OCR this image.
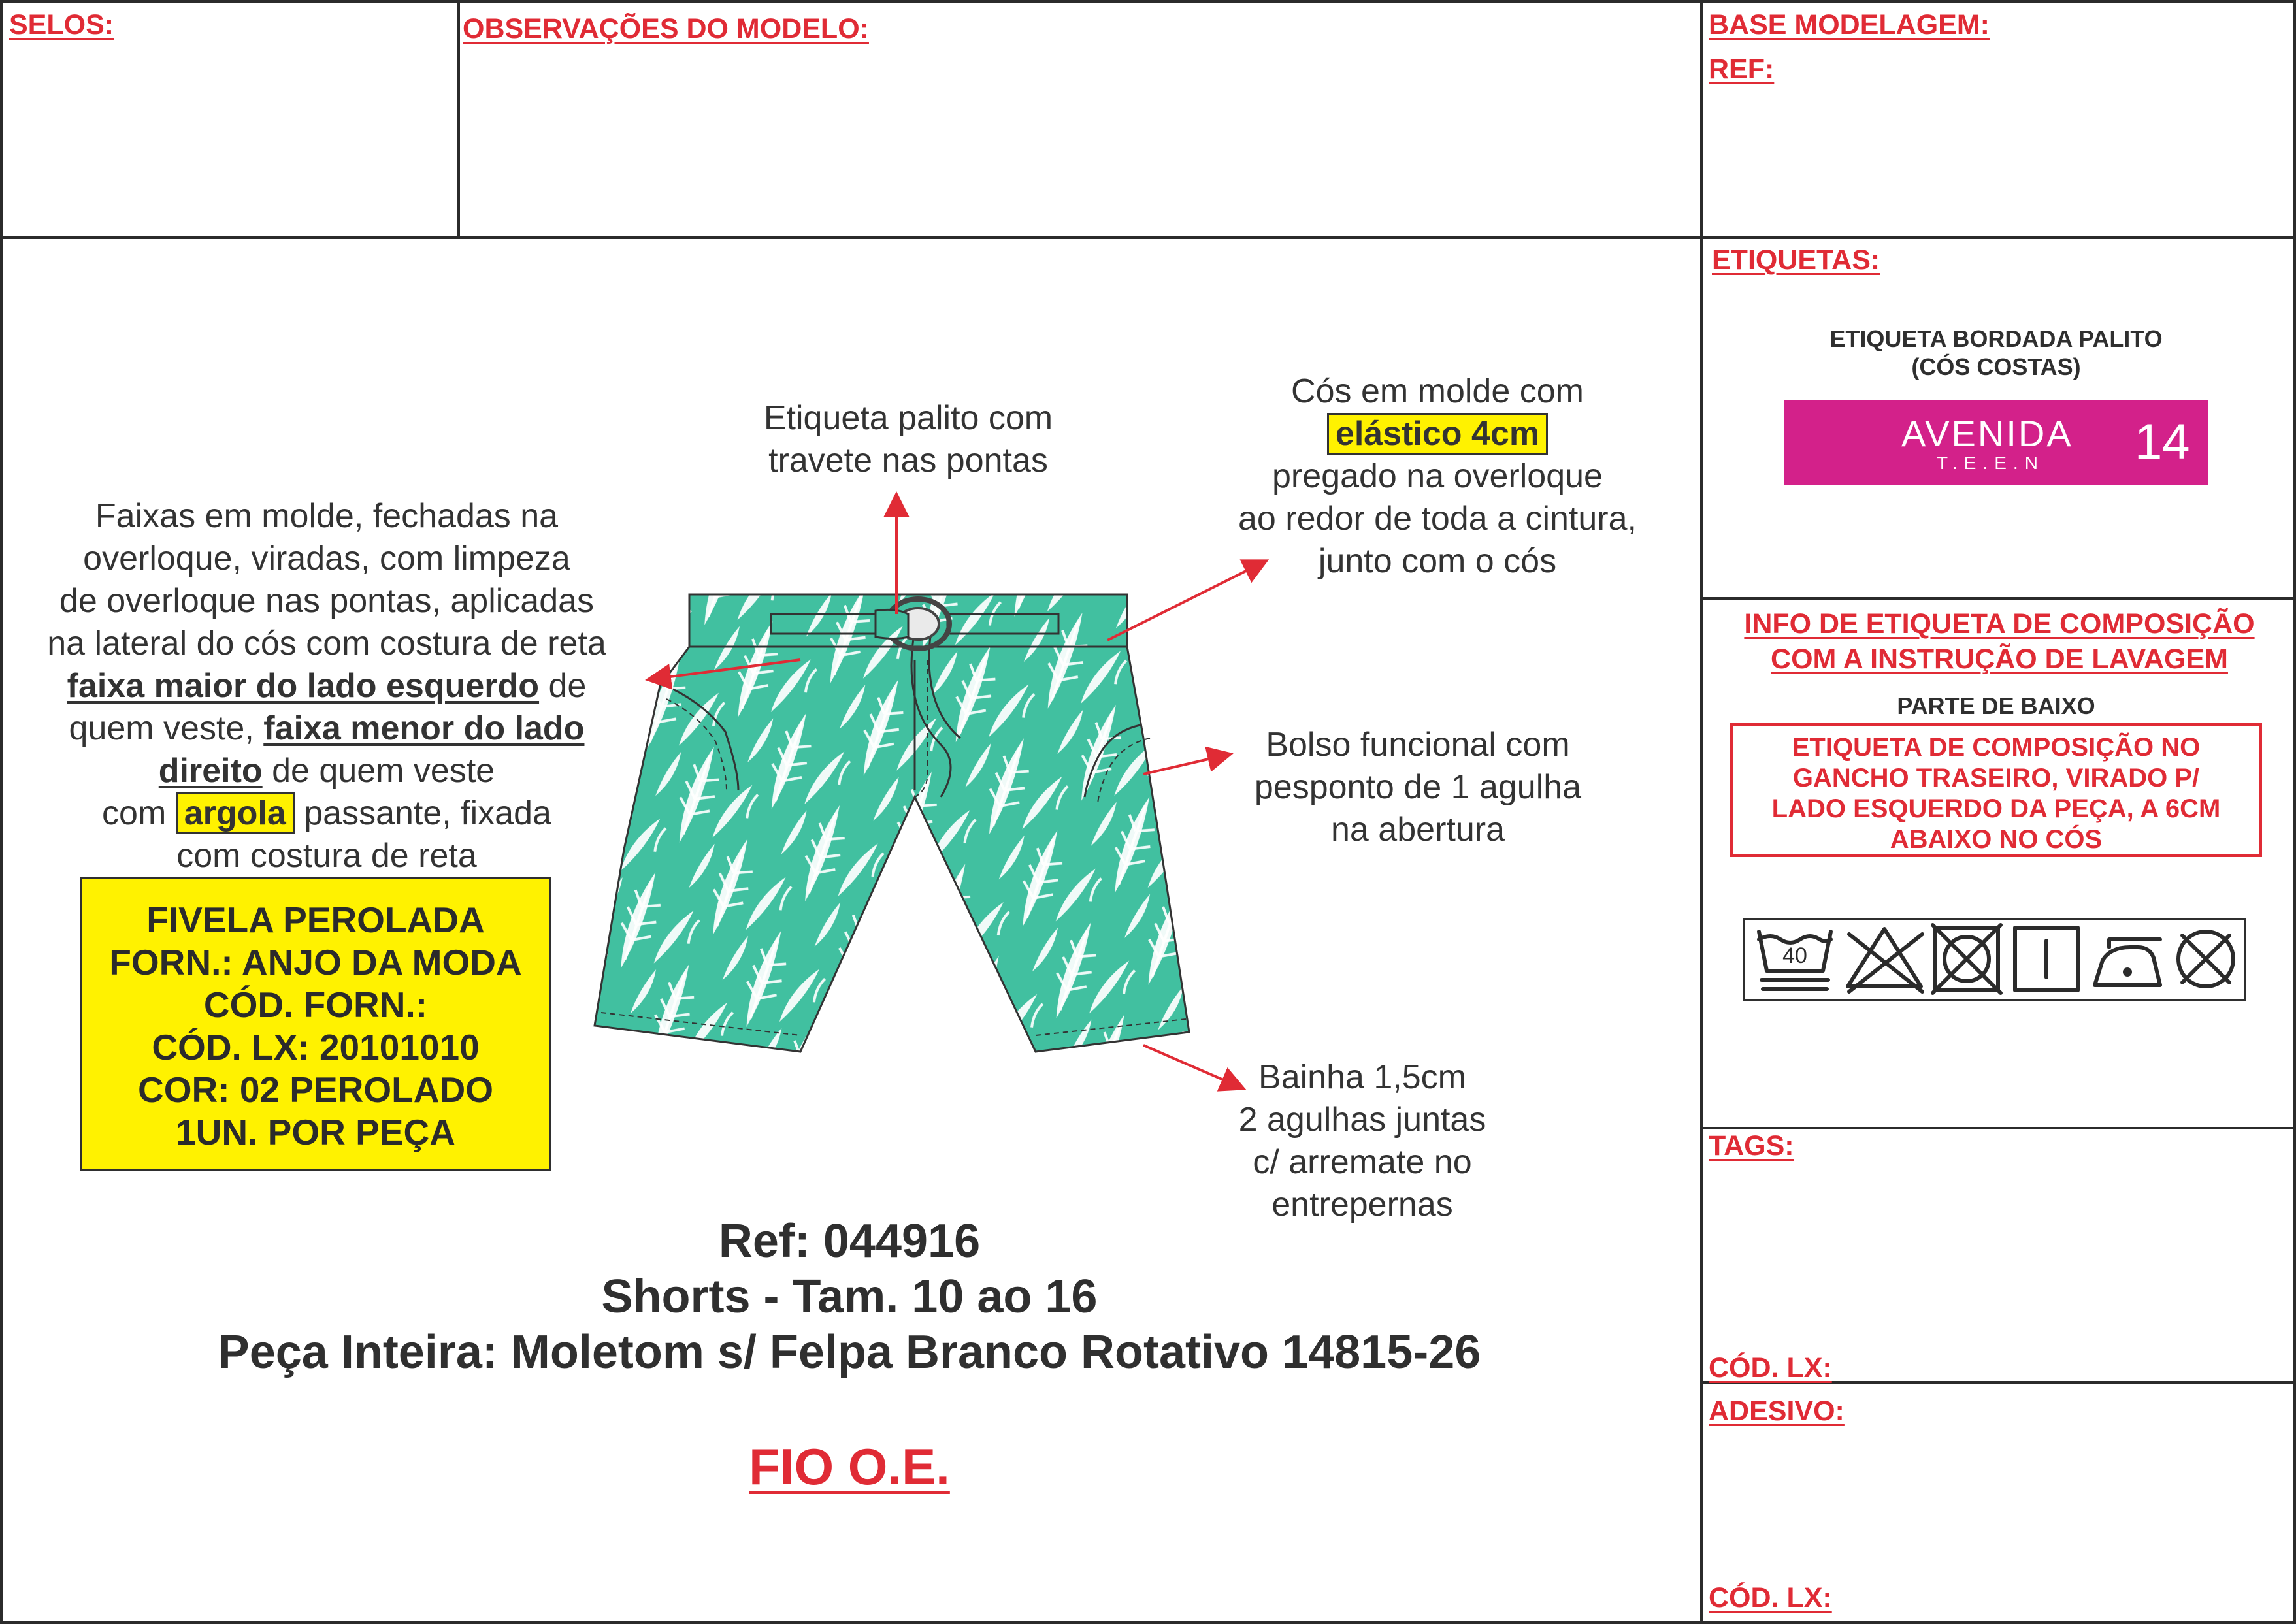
SELOS:	OBSERVAÇÕES DO MODELO:	BASE MODELAGEM:
REF:
ETIQUETAS:
ETIQUETA BORDADA PALITO
(CÓS COSTAS)
AVENIDA
T.E.E.N 14
INFO DE ETIQUETA DE COMPOSIÇÃO
COM A INSTRUÇÃO DE LAVAGEM
PARTE DE BAIXO

ETIQUETA DE COMPOSIÇÃO NO

GANCHO TRASEIRO, VIRADO P/

LADO ESQUERDO DA PEÇA, A 6CM

ABAIXO NO CÓS

40
TAGS:
CÓD. LX:
ADESIVO:
CÓD. LX:

Faixas em molde, fechadas na

overloque, viradas, com limpeza

de overloque nas pontas, aplicadas

na lateral do cós com costura de reta

faixa maior do lado esquerdo de

quem veste, faixa menor do lado

direito de quem veste

com argola passante, fixada

com costura de reta

Etiqueta palito com

travete nas pontas

Cós em molde com

elástico 4cm

pregado na overloque

ao redor de toda a cintura,

junto com o cós

Bolso funcional com

pesponto de 1 agulha

na abertura

Bainha 1,5cm

2 agulhas juntas

c/ arremate no

entrepernas

FIVELA PEROLADA

FORN.: ANJO DA MODA

CÓD. FORN.:

CÓD. LX: 20101010

COR: 02 PEROLADO

1UN. POR PEÇA

Ref: 044916

Shorts - Tam. 10 ao 16

Peça Inteira: Moletom s/ Felpa Branco Rotativo 14815-26

FIO O.E.
